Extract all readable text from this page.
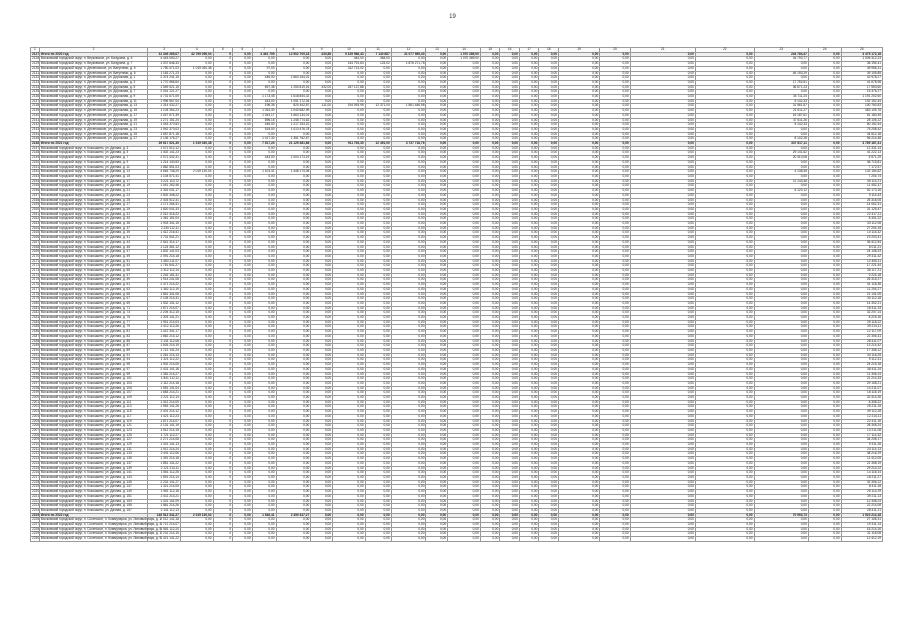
19
1	2	3	4	5	6	7	8	9	10	11	12	13	14	15	16	17	18	19	20	21	22	23	24	25
2127	Итого по 2020 год	41 349 269,07	42 799 050,04	0	0,00	4 461 709	12 502 709,18	430,88	5 329 966,43	7 140 887	31 077 989,40	0,00	1 070 389,00	0,00	0,00	0,00	0,00	0,00	0,00	0,00	0,00	244 784,47	0,00	3 475 172,18
2128	Московский городской округ, п. Внуковское, ул. Бачурина, д. 5	4 443 050,27	0,00	0	0,00	0,00	0,00	0,00	444,00	384,00	0,00	0,00	1 070 389,00	0,00	0,00	0,00	0,00	0,00	0,00	0,00	0,00	34 793,77	0,00	1 006 312,23
2129	Московский городской округ, п. Внуковское, ул. Бачурина, д. 7	1 037 646,33	0,00	0	0,00	0,00	0,00	0,00	144 791,64	124,02	1 876 271,78	0,00	0,00	0,00	0,00	0,00	0,00	0,00	0,00	0,00	0,00	0,00	0,00	36 194,41
2130	Московский городской округ, п. Десеновское, ул. Ватутинки, д. 5	1 750 471,03	1 019 030,38	0	0,00	97,03	0,00	0,00	312 713,02	0,00	0,00	0,00	0,00	0,00	0,00	0,00	0,00	0,00	0,00	0,00	0,00	0,00	0,00	49 956,31
2131	Московский городской округ, п. Десеновское, ул. Ватутинки, д. 6	1 163 271,23	0,00	0	0,00	0,00	0,00	0,00	0,00	0,00	0,00	0,00	0,00	0,00	0,00	0,00	0,00	0,00	0,00	0,00	0,00	46 193,29	0,00	39 105,85
2132	Московский городской округ, п. Десеновское, ул. Дорожная, д. 1	2 374 241,15	0,00	0	0,00	446,00	1 663 154,01	0,00	0,00	0,00	0,00	0,00	0,00	0,00	0,00	0,00	0,00	0,00	0,00	0,00	0,00	0,00	0,00	42 978,27
2133	Московский городской округ, п. Десеновское, ул. Дорожная, д. 3	1 770 566,64	0,00	0	0,00	0,00	0,00	0,00	0,00	0,00	0,00	0,00	0,00	0,00	0,00	0,00	0,00	0,00	0,00	0,00	0,00	17 752,61	0,00	41 678,98
2134	Московский городской округ, п. Десеновское, ул. Дорожная, д. 5	1 549 521,15	0,00	0	0,00	697,38	1 250 819,16	332,00	257 137,88	0,00	0,00	0,00	0,00	0,00	0,00	0,00	0,00	0,00	0,00	0,00	0,00	36 671,23	0,00	17 553,60
2135	Московский городской округ, п. Десеновское, ул. Дорожная, д. 7	2 016 121,27	0,00	0	0,00	0,00	0,00	0,00	0,00	0,00	0,00	0,00	0,00	0,00	0,00	0,00	0,00	0,00	0,00	0,00	0,00	0,00	0,00	15 376,27
2136	Московский городской округ, п. Десеновское, ул. Дорожная, д. 9	4 731 671,09	0,00	0	0,00	1 173,45	1 618 844,32	0,00	0,00	0,00	0,00	0,00	0,00	0,00	0,00	0,00	0,00	0,00	0,00	0,00	0,00	34 711,24	0,00	1 191 202,60
2137	Московский городской округ, п. Десеновское, ул. Дорожная, д. 11	1 996 567,04	0,00	0	0,00	443,00	1 051 172,34	0,00	0,00	0,00	0,00	0,00	0,00	0,00	0,00	0,00	0,00	0,00	0,00	0,00	0,00	5 142,33	0,00	192 152,44
2138	Московский городской округ, п. Десеновское, ул. Дорожная, д. 13	1 314 432,27	0,00	0	0,00	196,35	820 442,87	111,00	194 093,99	12 371,00	1 861 446,98	0,00	0,00	0,00	0,00	0,00	0,00	0,00	0,00	0,00	0,00	31 561,57	0,00	100 760,53
2139	Московский городской округ, п. Десеновское, ул. Дорожная, д. 15	1 104 354,23	0,00	0	0,00	1 034,40	1 040 682,99	0,00	0,00	0,00	0,00	0,00	0,00	0,00	0,00	0,00	0,00	0,00	0,00	0,00	0,00	21 611,27	0,00	483 105,78
2140	Московский городской округ, п. Десеновское, ул. Дорожная, д. 17	1 047 671,39	0,00	0	0,00	1 044,17	1 663 134,01	0,00	0,00	0,00	0,00	0,00	0,00	0,00	0,00	0,00	0,00	0,00	0,00	0,00	0,00	16 187,61	0,00	81 180,45
2141	Московский городской округ, п. Десеновское, ул. Дорожная, д. 19	1 271 151,24	0,00	0	0,00	896,15	1 248 774,62	0,00	0,00	0,00	0,00	0,00	0,00	0,00	0,00	0,00	0,00	0,00	0,00	0,00	0,00	37 611,26	0,00	28 105,22
2142	Московский городской округ, п. Десеновское, ул. Дорожная, д. 21	1 043 370,53	0,00	0	0,00	446,00	1 217 153,22	0,00	0,00	0,00	0,00	0,00	0,00	0,00	0,00	0,00	0,00	0,00	0,00	0,00	0,00	5 142,33	0,00	80 152,44
2143	Московский городской округ, п. Десеновское, ул. Дорожная, д. 23	1 942 370,03	0,00	0	0,00	515,00	1 013 476,78	0,00	0,00	0,00	0,00	0,00	0,00	0,00	0,00	0,00	0,00	0,00	0,00	0,00	0,00	0,00	0,00	75 208,42
2144	Московский городской округ, п. Десеновское, ул. Дорожная, д. 25	1 657 871,18	0,00	0	0,00	0,00	0,00	0,00	0,00	0,00	0,00	0,00	0,00	0,00	0,00	0,00	0,00	0,00	0,00	0,00	0,00	0,00	0,00	34 512,18
2145	Московский городской округ, п. Десеновское, ул. Дорожная, д. 27	2 135 176,27	0,00	0	0,00	1 017,30	1 351 762,67	0,00	0,00	0,00	0,00	0,00	0,00	0,00	0,00	0,00	0,00	0,00	0,00	0,00	0,00	8 102,28	0,00	96 214,48
2146	Итого по 2021 год	39 617 521,35	1 019 030,38	0	0,00	7 517,24	21 125 381,68	0,00	911 754,30	12 491,00	3 737 718,76	0,00	0,00	0,00	0,00	0,00	0,00	0,00	0,00	0,00	0,00	337 617,11	0,00	3 789 187,41
2147	Московский городской округ, п. Кокошкино, ул. Дачная, д. 3	1 071 512,12	0,00	0	0,00	0,00	0,00	0,00	0,00	0,00	0,00	0,00	0,00	0,00	0,00	0,00	0,00	0,00	0,00	0,00	0,00	0,00	0,00	12 331,14
2148	Московский городской округ, п. Кокошкино, ул. Дачная, д. 5	1 402 141,23	0,00	0	0,00	0,00	0,00	0,00	0,00	0,00	0,00	0,00	0,00	0,00	0,00	0,00	0,00	0,00	0,00	0,00	0,00	29 141,62	0,00	41 222,13
2149	Московский городской округ, п. Кокошкино, ул. Дачная, д. 7	2 071 432,31	0,00	0	0,00	443,00	1 004 173,19	0,00	0,00	0,00	0,00	0,00	0,00	0,00	0,00	0,00	0,00	0,00	0,00	0,00	0,00	20 410,08	0,00	5 571,29
2150	Московский городской округ, п. Кокошкино, ул. Дачная, д. 9	1 214 140,53	0,00	0	0,00	0,00	0,00	0,00	0,00	0,00	0,00	0,00	0,00	0,00	0,00	0,00	0,00	0,00	0,00	0,00	0,00	0,00	0,00	46 715,81
2151	Московский городской округ, п. Кокошкино, ул. Дачная, д. 11	1 862 551,03	0,00	0	0,00	0,00	0,00	0,00	0,00	0,00	0,00	0,00	0,00	0,00	0,00	0,00	0,00	0,00	0,00	0,00	0,00	0,00	0,00	7 172,57
2152	Московский городской округ, п. Кокошкино, ул. Дачная, д. 13	4 663 748,20	2 019 130,04	0	0,00	1 103,41	1 446 174,08	0,00	0,00	0,00	0,00	0,00	0,00	0,00	0,00	0,00	0,00	0,00	0,00	0,00	0,00	4 138,45	0,00	132 154,62
2153	Московский городской округ, п. Кокошкино, ул. Дачная, д. 15	1 104 571,41	0,00	0	0,00	0,00	0,00	0,00	0,00	0,00	0,00	0,00	0,00	0,00	0,00	0,00	0,00	0,00	0,00	0,00	0,00	0,00	0,00	7 204,74
2154	Московский городской округ, п. Кокошкино, ул. Дачная, д. 17	3 221 110,72	0,00	0	0,00	0,00	0,00	0,00	0,00	0,00	0,00	0,00	0,00	0,00	0,00	0,00	0,00	0,00	0,00	0,00	0,00	11 143,46	0,00	45 114,21
2155	Московский городской округ, п. Кокошкино, ул. Дачная, д. 19	1 041 262,46	0,00	0	0,00	0,00	0,00	0,00	0,00	0,00	0,00	0,00	0,00	0,00	0,00	0,00	0,00	0,00	0,00	0,00	0,00	0,00	0,00	11 452,37
2156	Московский городской округ, п. Кокошкино, ул. Дачная, д. 21	2 316 041,17	0,00	0	0,00	0,00	0,00	0,00	0,00	0,00	0,00	0,00	0,00	0,00	0,00	0,00	0,00	0,00	0,00	0,00	0,00	6 120,12	0,00	52 173,16
2157	Московский городской округ, п. Кокошкино, ул. Дачная, д. 23	1 502 346,22	0,00	0	0,00	0,00	0,00	0,00	0,00	0,00	0,00	0,00	0,00	0,00	0,00	0,00	0,00	0,00	0,00	0,00	0,00	0,00	0,00	9 114,43
2158	Московский городской округ, п. Кокошкино, ул. Дачная, д. 25	2 403 512,31	0,00	0	0,00	0,00	0,00	0,00	0,00	0,00	0,00	0,00	0,00	0,00	0,00	0,00	0,00	0,00	0,00	0,00	0,00	0,00	0,00	26 318,05
2159	Московский городской округ, п. Кокошкино, ул. Дачная, д. 27	1 171 264,41	0,00	0	0,00	0,00	0,00	0,00	0,00	0,00	0,00	0,00	0,00	0,00	0,00	0,00	0,00	0,00	0,00	0,00	0,00	0,00	0,00	14 062,31
2160	Московский городской округ, п. Кокошкино, ул. Дачная, д. 29	1 820 041,33	0,00	0	0,00	0,00	0,00	0,00	0,00	0,00	0,00	0,00	0,00	0,00	0,00	0,00	0,00	0,00	0,00	0,00	0,00	0,00	0,00	31 125,47
2161	Московский городской округ, п. Кокошкино, ул. Дачная, д. 31	2 012 416,22	0,00	0	0,00	0,00	0,00	0,00	0,00	0,00	0,00	0,00	0,00	0,00	0,00	0,00	0,00	0,00	0,00	0,00	0,00	0,00	0,00	22 417,11
2162	Московский городской округ, п. Кокошкино, ул. Дачная, д. 33	1 361 151,04	0,00	0	0,00	0,00	0,00	0,00	0,00	0,00	0,00	0,00	0,00	0,00	0,00	0,00	0,00	0,00	0,00	0,00	0,00	0,00	0,00	8 301,22
2163	Московский городской округ, п. Кокошкино, ул. Дачная, д. 35	1 903 341,15	0,00	0	0,00	0,00	0,00	0,00	0,00	0,00	0,00	0,00	0,00	0,00	0,00	0,00	0,00	0,00	0,00	0,00	0,00	0,00	0,00	33 112,08
2164	Московский городской округ, п. Кокошкино, ул. Дачная, д. 37	2 230 112,11	0,00	0	0,00	0,00	0,00	0,00	0,00	0,00	0,00	0,00	0,00	0,00	0,00	0,00	0,00	0,00	0,00	0,00	0,00	0,00	0,00	27 204,15
2165	Московский городской округ, п. Кокошкино, ул. Дачная, д. 39	1 412 216,41	0,00	0	0,00	0,00	0,00	0,00	0,00	0,00	0,00	0,00	0,00	0,00	0,00	0,00	0,00	0,00	0,00	0,00	0,00	0,00	0,00	10 116,32
2166	Московский городской округ, п. Кокошкино, ул. Дачная, д. 41	1 701 541,21	0,00	0	0,00	0,00	0,00	0,00	0,00	0,00	0,00	0,00	0,00	0,00	0,00	0,00	0,00	0,00	0,00	0,00	0,00	0,00	0,00	19 203,41
2167	Московский городской округ, п. Кокошкино, ул. Дачная, д. 43	2 541 314,17	0,00	0	0,00	0,00	0,00	0,00	0,00	0,00	0,00	0,00	0,00	0,00	0,00	0,00	0,00	0,00	0,00	0,00	0,00	0,00	0,00	36 412,54
2168	Московский городской округ, п. Кокошкино, ул. Дачная, д. 45	1 124 461,12	0,00	0	0,00	0,00	0,00	0,00	0,00	0,00	0,00	0,00	0,00	0,00	0,00	0,00	0,00	0,00	0,00	0,00	0,00	0,00	0,00	6 011,21
2169	Московский городской округ, п. Кокошкино, ул. Дачная, д. 47	1 832 141,03	0,00	0	0,00	0,00	0,00	0,00	0,00	0,00	0,00	0,00	0,00	0,00	0,00	0,00	0,00	0,00	0,00	0,00	0,00	0,00	0,00	24 108,33
2170	Московский городской округ, п. Кокошкино, ул. Дачная, д. 49	2 091 214,18	0,00	0	0,00	0,00	0,00	0,00	0,00	0,00	0,00	0,00	0,00	0,00	0,00	0,00	0,00	0,00	0,00	0,00	0,00	0,00	0,00	29 311,42
2171	Московский городской округ, п. Кокошкино, ул. Дачная, д. 51	1 463 211,07	0,00	0	0,00	0,00	0,00	0,00	0,00	0,00	0,00	0,00	0,00	0,00	0,00	0,00	0,00	0,00	0,00	0,00	0,00	0,00	0,00	12 406,11
2172	Московский городской округ, п. Кокошкино, ул. Дачная, д. 53	1 751 641,27	0,00	0	0,00	0,00	0,00	0,00	0,00	0,00	0,00	0,00	0,00	0,00	0,00	0,00	0,00	0,00	0,00	0,00	0,00	0,00	0,00	17 221,44
2173	Московский городской округ, п. Кокошкино, ул. Дачная, д. 55	2 312 112,14	0,00	0	0,00	0,00	0,00	0,00	0,00	0,00	0,00	0,00	0,00	0,00	0,00	0,00	0,00	0,00	0,00	0,00	0,00	0,00	0,00	35 117,21
2174	Московский городской округ, п. Кокошкино, ул. Дачная, д. 57	1 243 151,31	0,00	0	0,00	0,00	0,00	0,00	0,00	0,00	0,00	0,00	0,00	0,00	0,00	0,00	0,00	0,00	0,00	0,00	0,00	0,00	0,00	9 224,18
2175	Московский городской округ, п. Кокошкино, ул. Дачная, д. 59	1 914 241,06	0,00	0	0,00	0,00	0,00	0,00	0,00	0,00	0,00	0,00	0,00	0,00	0,00	0,00	0,00	0,00	0,00	0,00	0,00	0,00	0,00	26 315,27
2176	Московский городской округ, п. Кокошкино, ул. Дачная, д. 61	2 471 214,22	0,00	0	0,00	0,00	0,00	0,00	0,00	0,00	0,00	0,00	0,00	0,00	0,00	0,00	0,00	0,00	0,00	0,00	0,00	0,00	0,00	41 118,36
2177	Московский городской округ, п. Кокошкино, ул. Дачная, д. 63	1 362 112,19	0,00	0	0,00	0,00	0,00	0,00	0,00	0,00	0,00	0,00	0,00	0,00	0,00	0,00	0,00	0,00	0,00	0,00	0,00	0,00	0,00	11 204,27
2178	Московский городской округ, п. Кокошкино, ул. Дачная, д. 65	1 851 341,08	0,00	0	0,00	0,00	0,00	0,00	0,00	0,00	0,00	0,00	0,00	0,00	0,00	0,00	0,00	0,00	0,00	0,00	0,00	0,00	0,00	21 141,05
2179	Московский городской округ, п. Кокошкино, ул. Дачная, д. 67	2 105 214,31	0,00	0	0,00	0,00	0,00	0,00	0,00	0,00	0,00	0,00	0,00	0,00	0,00	0,00	0,00	0,00	0,00	0,00	0,00	0,00	0,00	30 112,18
2180	Московский городской округ, п. Кокошкино, ул. Дачная, д. 69	1 532 141,12	0,00	0	0,00	0,00	0,00	0,00	0,00	0,00	0,00	0,00	0,00	0,00	0,00	0,00	0,00	0,00	0,00	0,00	0,00	0,00	0,00	14 302,21
2181	Московский городской округ, п. Кокошкино, ул. Дачная, д. 71	1 671 214,07	0,00	0	0,00	0,00	0,00	0,00	0,00	0,00	0,00	0,00	0,00	0,00	0,00	0,00	0,00	0,00	0,00	0,00	0,00	0,00	0,00	18 411,33
2182	Московский городской округ, п. Кокошкино, ул. Дачная, д. 73	2 204 312,15	0,00	0	0,00	0,00	0,00	0,00	0,00	0,00	0,00	0,00	0,00	0,00	0,00	0,00	0,00	0,00	0,00	0,00	0,00	0,00	0,00	32 207,14
2183	Московский городской округ, п. Кокошкино, ул. Дачная, д. 75	1 303 141,21	0,00	0	0,00	0,00	0,00	0,00	0,00	0,00	0,00	0,00	0,00	0,00	0,00	0,00	0,00	0,00	0,00	0,00	0,00	0,00	0,00	8 215,16
2184	Московский городской округ, п. Кокошкино, ул. Дачная, д. 77	1 941 214,03	0,00	0	0,00	0,00	0,00	0,00	0,00	0,00	0,00	0,00	0,00	0,00	0,00	0,00	0,00	0,00	0,00	0,00	0,00	0,00	0,00	25 118,22
2185	Московский городской округ, п. Кокошкино, ул. Дачная, д. 79	2 412 112,26	0,00	0	0,00	0,00	0,00	0,00	0,00	0,00	0,00	0,00	0,00	0,00	0,00	0,00	0,00	0,00	0,00	0,00	0,00	0,00	0,00	39 214,11
2186	Московский городской округ, п. Кокошкино, ул. Дачная, д. 81	1 412 341,17	0,00	0	0,00	0,00	0,00	0,00	0,00	0,00	0,00	0,00	0,00	0,00	0,00	0,00	0,00	0,00	0,00	0,00	0,00	0,00	0,00	12 117,09
2187	Московский городской округ, п. Кокошкино, ул. Дачная, д. 83	1 862 214,12	0,00	0	0,00	0,00	0,00	0,00	0,00	0,00	0,00	0,00	0,00	0,00	0,00	0,00	0,00	0,00	0,00	0,00	0,00	0,00	0,00	22 306,31
2188	Московский городской округ, п. Кокошкино, ул. Дачная, д. 85	2 141 112,08	0,00	0	0,00	0,00	0,00	0,00	0,00	0,00	0,00	0,00	0,00	0,00	0,00	0,00	0,00	0,00	0,00	0,00	0,00	0,00	0,00	28 411,07
2189	Московский городской округ, п. Кокошкино, ул. Дачная, д. 87	1 503 214,19	0,00	0	0,00	0,00	0,00	0,00	0,00	0,00	0,00	0,00	0,00	0,00	0,00	0,00	0,00	0,00	0,00	0,00	0,00	0,00	0,00	13 214,42
2190	Московский городской округ, п. Кокошкино, ул. Дачная, д. 89	1 712 141,24	0,00	0	0,00	0,00	0,00	0,00	0,00	0,00	0,00	0,00	0,00	0,00	0,00	0,00	0,00	0,00	0,00	0,00	0,00	0,00	0,00	17 308,12
2191	Московский городской округ, п. Кокошкино, ул. Дачная, д. 91	2 261 214,13	0,00	0	0,00	0,00	0,00	0,00	0,00	0,00	0,00	0,00	0,00	0,00	0,00	0,00	0,00	0,00	0,00	0,00	0,00	0,00	0,00	34 116,25
2192	Московский городской округ, п. Кокошкино, ул. Дачная, д. 93	1 321 112,22	0,00	0	0,00	0,00	0,00	0,00	0,00	0,00	0,00	0,00	0,00	0,00	0,00	0,00	0,00	0,00	0,00	0,00	0,00	0,00	0,00	9 112,31
2193	Московский городской округ, п. Кокошкино, ул. Дачная, д. 95	1 902 214,05	0,00	0	0,00	0,00	0,00	0,00	0,00	0,00	0,00	0,00	0,00	0,00	0,00	0,00	0,00	0,00	0,00	0,00	0,00	0,00	0,00	24 215,18
2194	Московский городской округ, п. Кокошкино, ул. Дачная, д. 97	2 431 141,16	0,00	0	0,00	0,00	0,00	0,00	0,00	0,00	0,00	0,00	0,00	0,00	0,00	0,00	0,00	0,00	0,00	0,00	0,00	0,00	0,00	38 411,24
2195	Московский городской округ, п. Кокошкино, ул. Дачная, д. 99	1 381 214,27	0,00	0	0,00	0,00	0,00	0,00	0,00	0,00	0,00	0,00	0,00	0,00	0,00	0,00	0,00	0,00	0,00	0,00	0,00	0,00	0,00	11 306,14
2196	Московский городской округ, п. Кокошкино, ул. Дачная, д. 101	1 841 112,11	0,00	0	0,00	0,00	0,00	0,00	0,00	0,00	0,00	0,00	0,00	0,00	0,00	0,00	0,00	0,00	0,00	0,00	0,00	0,00	0,00	21 214,33
2197	Московский городской округ, п. Кокошкино, ул. Дачная, д. 103	2 112 214,18	0,00	0	0,00	0,00	0,00	0,00	0,00	0,00	0,00	0,00	0,00	0,00	0,00	0,00	0,00	0,00	0,00	0,00	0,00	0,00	0,00	29 108,21
2198	Московский городской округ, п. Кокошкино, ул. Дачная, д. 105	1 551 141,04	0,00	0	0,00	0,00	0,00	0,00	0,00	0,00	0,00	0,00	0,00	0,00	0,00	0,00	0,00	0,00	0,00	0,00	0,00	0,00	0,00	14 211,07
2199	Московский городской округ, п. Кокошкино, ул. Дачная, д. 107	1 683 214,21	0,00	0	0,00	0,00	0,00	0,00	0,00	0,00	0,00	0,00	0,00	0,00	0,00	0,00	0,00	0,00	0,00	0,00	0,00	0,00	0,00	18 116,19
2200	Московский городской округ, п. Кокошкино, ул. Дачная, д. 109	2 221 112,14	0,00	0	0,00	0,00	0,00	0,00	0,00	0,00	0,00	0,00	0,00	0,00	0,00	0,00	0,00	0,00	0,00	0,00	0,00	0,00	0,00	32 414,26
2201	Московский городской округ, п. Кокошкино, ул. Дачная, д. 111	1 312 214,09	0,00	0	0,00	0,00	0,00	0,00	0,00	0,00	0,00	0,00	0,00	0,00	0,00	0,00	0,00	0,00	0,00	0,00	0,00	0,00	0,00	8 308,22
2202	Московский городской округ, п. Кокошкино, ул. Дачная, д. 113	1 953 141,26	0,00	0	0,00	0,00	0,00	0,00	0,00	0,00	0,00	0,00	0,00	0,00	0,00	0,00	0,00	0,00	0,00	0,00	0,00	0,00	0,00	25 211,15
2203	Московский городской округ, п. Кокошкино, ул. Дачная, д. 115	2 401 214,12	0,00	0	0,00	0,00	0,00	0,00	0,00	0,00	0,00	0,00	0,00	0,00	0,00	0,00	0,00	0,00	0,00	0,00	0,00	0,00	0,00	39 112,28
2204	Московский городской округ, п. Кокошкино, ул. Дачная, д. 117	1 421 112,23	0,00	0	0,00	0,00	0,00	0,00	0,00	0,00	0,00	0,00	0,00	0,00	0,00	0,00	0,00	0,00	0,00	0,00	0,00	0,00	0,00	12 214,11
2205	Московский городской округ, п. Кокошкино, ул. Дачная, д. 119	1 871 214,07	0,00	0	0,00	0,00	0,00	0,00	0,00	0,00	0,00	0,00	0,00	0,00	0,00	0,00	0,00	0,00	0,00	0,00	0,00	0,00	0,00	22 411,16
2206	Московский городской округ, п. Кокошкино, ул. Дачная, д. 121	2 131 141,19	0,00	0	0,00	0,00	0,00	0,00	0,00	0,00	0,00	0,00	0,00	0,00	0,00	0,00	0,00	0,00	0,00	0,00	0,00	0,00	0,00	28 306,24
2207	Московский городской округ, п. Кокошкино, ул. Дачная, д. 123	1 512 214,15	0,00	0	0,00	0,00	0,00	0,00	0,00	0,00	0,00	0,00	0,00	0,00	0,00	0,00	0,00	0,00	0,00	0,00	0,00	0,00	0,00	13 211,08
2208	Московский городской округ, п. Кокошкино, ул. Дачная, д. 125	1 721 112,27	0,00	0	0,00	0,00	0,00	0,00	0,00	0,00	0,00	0,00	0,00	0,00	0,00	0,00	0,00	0,00	0,00	0,00	0,00	0,00	0,00	17 114,32
2209	Московский городской округ, п. Кокошкино, ул. Дачная, д. 127	2 271 214,08	0,00	0	0,00	0,00	0,00	0,00	0,00	0,00	0,00	0,00	0,00	0,00	0,00	0,00	0,00	0,00	0,00	0,00	0,00	0,00	0,00	34 208,17
2210	Московский городской округ, п. Кокошкино, ул. Дачная, д. 129	1 331 141,13	0,00	0	0,00	0,00	0,00	0,00	0,00	0,00	0,00	0,00	0,00	0,00	0,00	0,00	0,00	0,00	0,00	0,00	0,00	0,00	0,00	9 311,26
2211	Московский городской округ, п. Кокошкино, ул. Дачная, д. 131	1 912 214,24	0,00	0	0,00	0,00	0,00	0,00	0,00	0,00	0,00	0,00	0,00	0,00	0,00	0,00	0,00	0,00	0,00	0,00	0,00	0,00	0,00	24 114,13
2212	Московский городской округ, п. Кокошкино, ул. Дачная, д. 133	2 441 112,06	0,00	0	0,00	0,00	0,00	0,00	0,00	0,00	0,00	0,00	0,00	0,00	0,00	0,00	0,00	0,00	0,00	0,00	0,00	0,00	0,00	38 216,29
2213	Московский городской округ, п. Кокошкино, ул. Дачная, д. 135	1 391 214,18	0,00	0	0,00	0,00	0,00	0,00	0,00	0,00	0,00	0,00	0,00	0,00	0,00	0,00	0,00	0,00	0,00	0,00	0,00	0,00	0,00	11 412,05
2214	Московский городской округ, п. Кокошкино, ул. Дачная, д. 137	1 851 141,22	0,00	0	0,00	0,00	0,00	0,00	0,00	0,00	0,00	0,00	0,00	0,00	0,00	0,00	0,00	0,00	0,00	0,00	0,00	0,00	0,00	21 308,19
2215	Московский городской округ, п. Кокошкино, ул. Дачная, д. 139	2 121 214,11	0,00	0	0,00	0,00	0,00	0,00	0,00	0,00	0,00	0,00	0,00	0,00	0,00	0,00	0,00	0,00	0,00	0,00	0,00	0,00	0,00	29 214,22
2216	Московский городской округ, п. Кокошкино, ул. Дачная, д. 141	1 561 112,25	0,00	0	0,00	0,00	0,00	0,00	0,00	0,00	0,00	0,00	0,00	0,00	0,00	0,00	0,00	0,00	0,00	0,00	0,00	0,00	0,00	14 116,14
2217	Московский городской округ, п. Кокошкино, ул. Дачная, д. 143	1 691 214,14	0,00	0	0,00	0,00	0,00	0,00	0,00	0,00	0,00	0,00	0,00	0,00	0,00	0,00	0,00	0,00	0,00	0,00	0,00	0,00	0,00	18 211,27
2218	Московский городской округ, п. Кокошкино, ул. Дачная, д. 145	2 231 141,27	0,00	0	0,00	0,00	0,00	0,00	0,00	0,00	0,00	0,00	0,00	0,00	0,00	0,00	0,00	0,00	0,00	0,00	0,00	0,00	0,00	32 306,12
2219	Московский городской округ, п. Кокошкино, ул. Дачная, д. 147	1 321 214,05	0,00	0	0,00	0,00	0,00	0,00	0,00	0,00	0,00	0,00	0,00	0,00	0,00	0,00	0,00	0,00	0,00	0,00	0,00	0,00	0,00	8 411,18
2220	Московский городской округ, п. Кокошкино, ул. Дачная, д. 149	1 961 112,16	0,00	0	0,00	0,00	0,00	0,00	0,00	0,00	0,00	0,00	0,00	0,00	0,00	0,00	0,00	0,00	0,00	0,00	0,00	0,00	0,00	25 114,29
2221	Московский городской округ, п. Кокошкино, ул. Дачная, д. 151	2 411 214,21	0,00	0	0,00	0,00	0,00	0,00	0,00	0,00	0,00	0,00	0,00	0,00	0,00	0,00	0,00	0,00	0,00	0,00	0,00	0,00	0,00	39 211,13
2222	Московский городской округ, п. Кокошкино, ул. Дачная, д. 153	1 431 141,09	0,00	0	0,00	0,00	0,00	0,00	0,00	0,00	0,00	0,00	0,00	0,00	0,00	0,00	0,00	0,00	0,00	0,00	0,00	0,00	0,00	12 308,24
2223	Московский городской округ, п. Кокошкино, ул. Дачная, д. 155	1 881 214,26	0,00	0	0,00	0,00	0,00	0,00	0,00	0,00	0,00	0,00	0,00	0,00	0,00	0,00	0,00	0,00	0,00	0,00	0,00	0,00	0,00	22 214,08
2224	Московский городской округ, п. Кокошкино, ул. Дачная, д. 157	2 141 112,13	0,00	0	0,00	0,00	0,00	0,00	0,00	0,00	0,00	0,00	0,00	0,00	0,00	0,00	0,00	0,00	0,00	0,00	0,00	0,00	0,00	28 411,21
2225	Итого по 2022 год	146 512 341,27	2 019 130,04	0	0,00	1 546,41	2 450 347,27	0,00	0,00	0,00	0,00	0,00	0,00	0,00	0,00	0,00	0,00	0,00	0,00	0,00	0,00	70 953,73	0,00	1 923 214,18
2226	Московский городской округ, п. Сосенское, п. Коммунарка, ул. Липовый парк, д. 1	2 012 141,18	0,00	0	0,00	0,00	0,00	0,00	0,00	0,00	0,00	0,00	0,00	0,00	0,00	0,00	0,00	0,00	0,00	0,00	0,00	0,00	0,00	27 106,31
2227	Московский городской округ, п. Сосенское, п. Коммунарка, ул. Липовый парк, д. 3	1 712 214,07	0,00	0	0,00	0,00	0,00	0,00	0,00	0,00	0,00	0,00	0,00	0,00	0,00	0,00	0,00	0,00	0,00	0,00	0,00	0,00	0,00	19 311,14
2228	Московский городской округ, п. Сосенское, п. Коммунарка, ул. Липовый парк, д. 5	1 581 112,24	0,00	0	0,00	0,00	0,00	0,00	0,00	0,00	0,00	0,00	0,00	0,00	0,00	0,00	0,00	0,00	0,00	0,00	0,00	0,00	0,00	16 214,26
2229	Московский городской округ, п. Сосенское, п. Коммунарка, ул. Липовый парк, д. 7	2 231 214,15	0,00	0	0,00	0,00	0,00	0,00	0,00	0,00	0,00	0,00	0,00	0,00	0,00	0,00	0,00	0,00	0,00	0,00	0,00	0,00	0,00	31 116,08
2230	Московский городской округ, п. Сосенское, п. Коммунарка, ул. Липовый парк, д. 9	1 421 141,22	0,00	0	0,00	0,00	0,00	0,00	0,00	0,00	0,00	0,00	0,00	0,00	0,00	0,00	0,00	0,00	0,00	0,00	0,00	0,00	0,00	12 412,19
